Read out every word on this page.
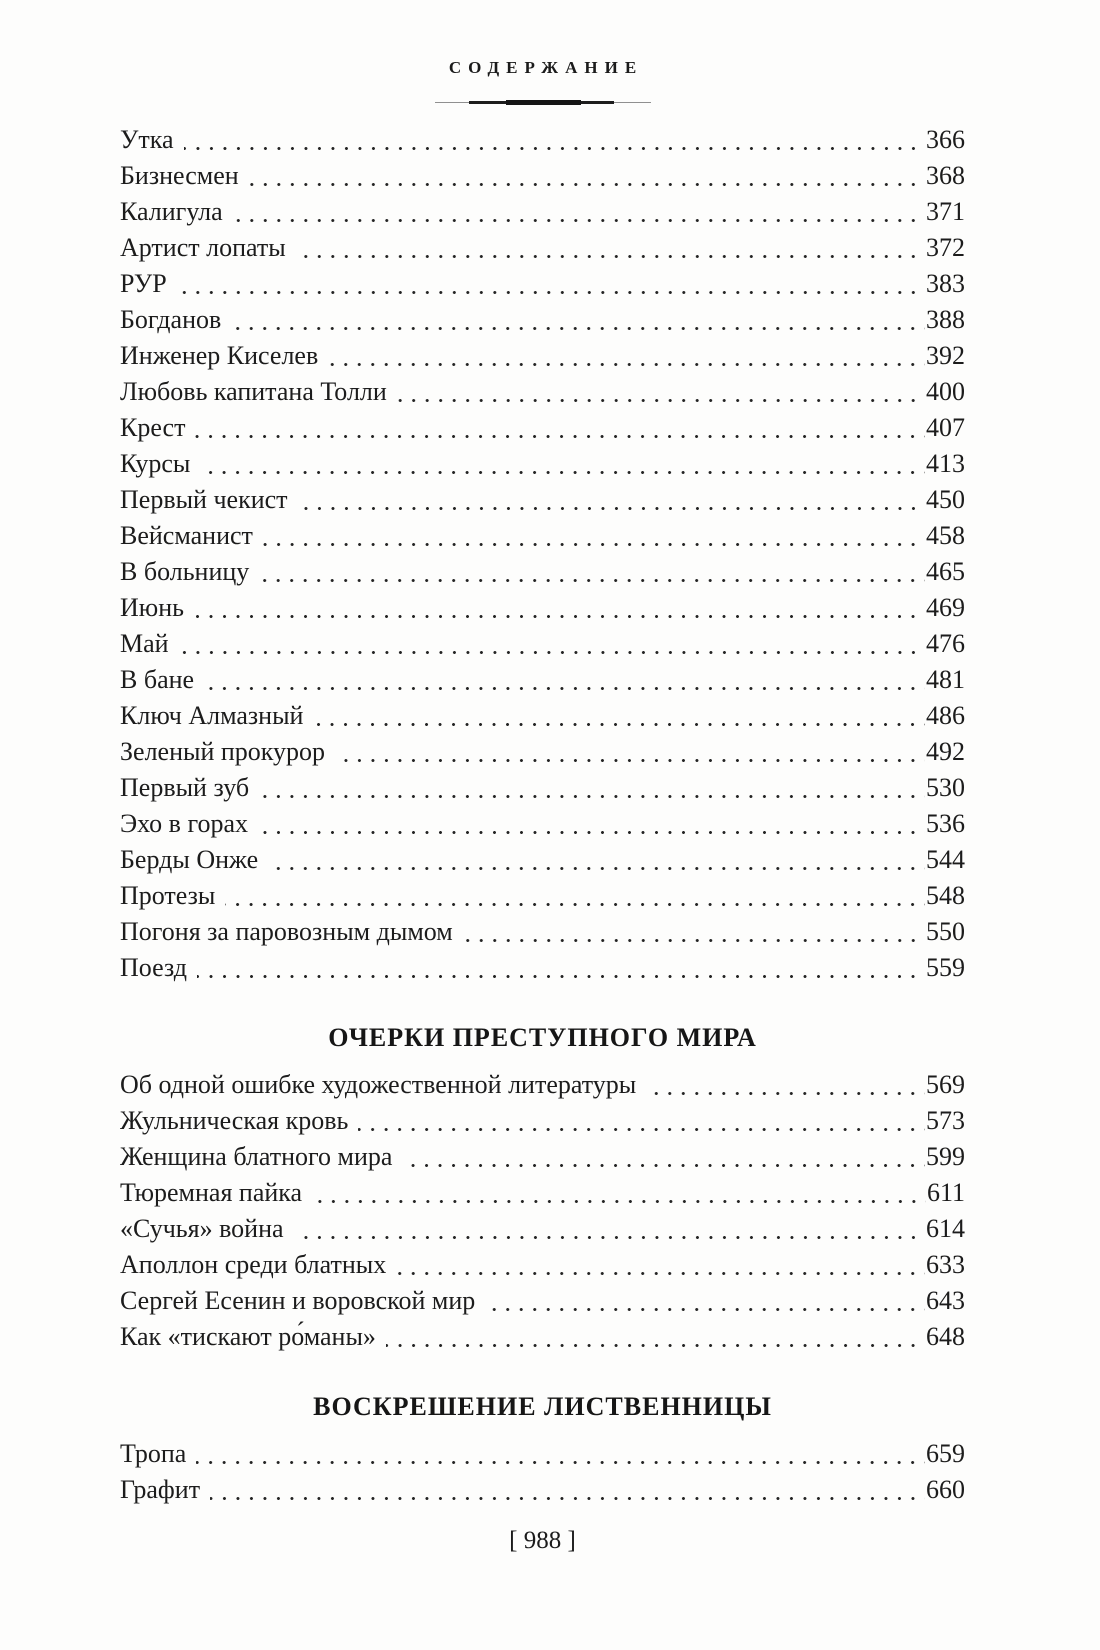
СОДЕРЖАНИЕ
Утка	366
Бизнесмен	368
Калигула	371
Артист лопаты	372
РУР	383
Богданов	388
Инженер Киселев	392
Любовь капитана Толли	400
Крест	407
Курсы	413
Первый чекист	450
Вейсманист	458
В больницу	465
Июнь	469
Май	476
В бане	481
Ключ Алмазный	486
Зеленый прокурор	492
Первый зуб	530
Эхо в горах	536
Берды Онже	544
Протезы	548
Погоня за паровозным дымом	550
Поезд	559
ОЧЕРКИ ПРЕСТУПНОГО МИРА
Об одной ошибке художественной литературы	569
Жульническая кровь	573
Женщина блатного мира	599
Тюремная пайка	611
«Сучья» война	614
Аполлон среди блатных	633
Сергей Есенин и воровской мир	643
Как «тискают ро́маны»	648
ВОСКРЕШЕНИЕ ЛИСТВЕННИЦЫ
Тропа	659
Графит	660
[ 988 ]
